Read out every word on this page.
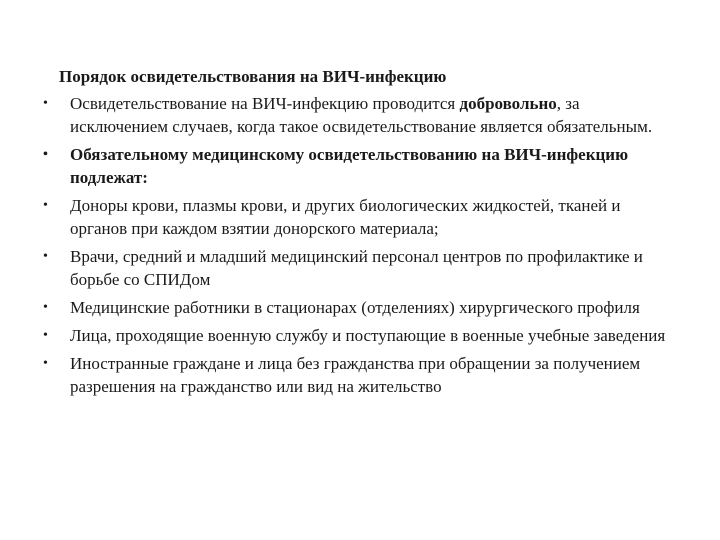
Порядок освидетельствования на ВИЧ-инфекцию
• Освидетельствование на ВИЧ-инфекцию проводится добровольно, за исключением случаев, когда такое освидетельствование является обязательным.
• Обязательному медицинскому освидетельствованию на ВИЧ-инфекцию подлежат:
• Доноры крови, плазмы крови, и других биологических жидкостей, тканей и органов при каждом взятии донорского материала;
• Врачи, средний и младший медицинский персонал центров по профилактике и борьбе со СПИДом
• Медицинские работники в стационарах (отделениях) хирургического профиля
• Лица, проходящие военную службу и поступающие в военные учебные заведения
• Иностранные граждане и лица без гражданства при обращении за получением разрешения на гражданство или вид на жительство
